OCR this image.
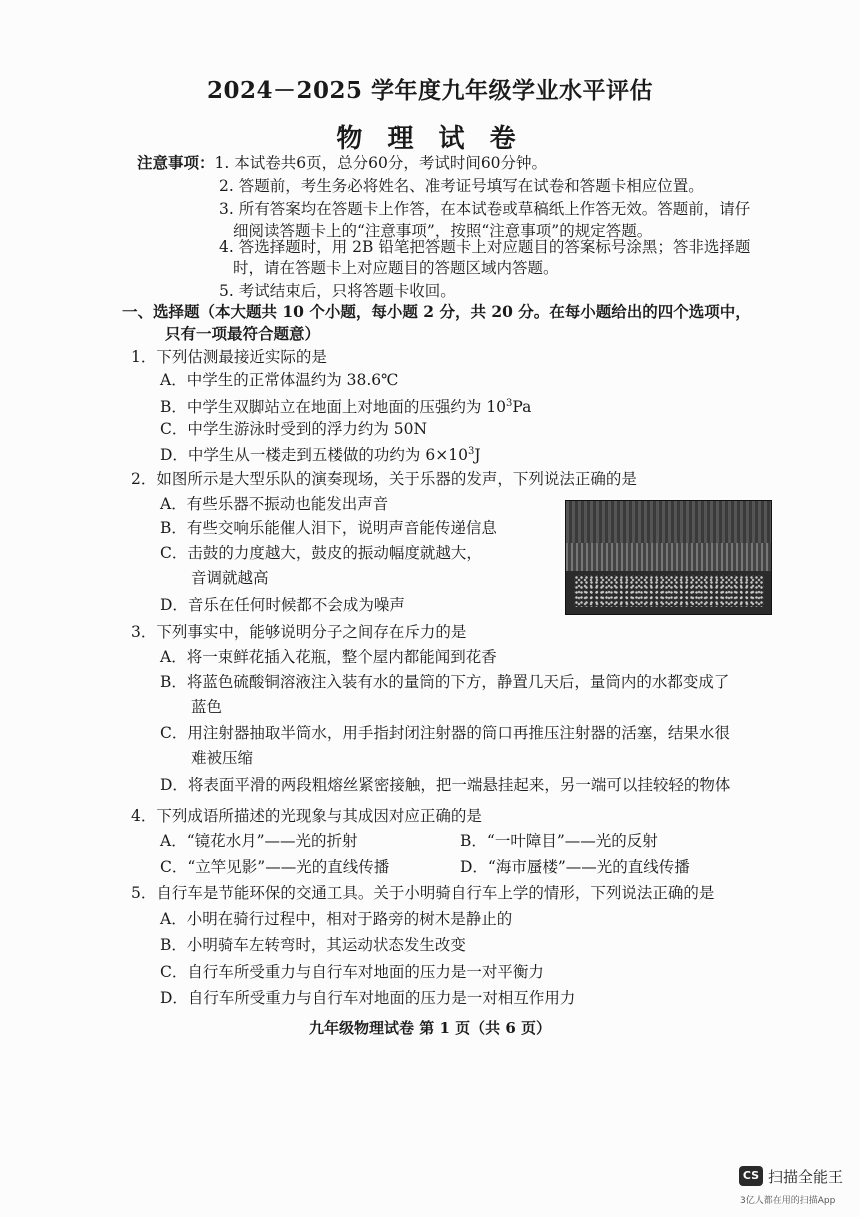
2024－2025 学年度九年级学业水平评估
物 理 试 卷
注意事项：1. 本试卷共6页，总分60分，考试时间60分钟。
2. 答题前，考生务必将姓名、准考证号填写在试卷和答题卡相应位置。
3. 所有答案均在答题卡上作答，在本试卷或草稿纸上作答无效。答题前，请仔
细阅读答题卡上的“注意事项”，按照“注意事项”的规定答题。
4. 答选择题时，用 2B 铅笔把答题卡上对应题目的答案标号涂黑；答非选择题
时，请在答题卡上对应题目的答题区域内答题。
5. 考试结束后，只将答题卡收回。
一、选择题（本大题共 10 个小题，每小题 2 分，共 20 分。在每小题给出的四个选项中，
只有一项最符合题意）
1．下列估测最接近实际的是
A．中学生的正常体温约为 38.6℃
B．中学生双脚站立在地面上对地面的压强约为 $10^3Pa$
C．中学生游泳时受到的浮力约为 50N
D．中学生从一楼走到五楼做的功约为 $6\times 10^3J$
2．如图所示是大型乐队的演奏现场，关于乐器的发声，下列说法正确的是
A．有些乐器不振动也能发出声音
B．有些交响乐能催人泪下，说明声音能传递信息
C．击鼓的力度越大，鼓皮的振动幅度就越大，
音调就越高
D．音乐在任何时候都不会成为噪声
3．下列事实中，能够说明分子之间存在斥力的是
A．将一束鲜花插入花瓶，整个屋内都能闻到花香
B．将蓝色硫酸铜溶液注入装有水的量筒的下方，静置几天后，量筒内的水都变成了
蓝色
C．用注射器抽取半筒水，用手指封闭注射器的筒口再推压注射器的活塞，结果水很
难被压缩
D．将表面平滑的两段粗熔丝紧密接触，把一端悬挂起来，另一端可以挂较轻的物体
4．下列成语所描述的光现象与其成因对应正确的是
A．“镜花水月”——光的折射	B．“一叶障目”——光的反射
C．“立竿见影”——光的直线传播	D．“海市蜃楼”——光的直线传播
5．自行车是节能环保的交通工具。关于小明骑自行车上学的情形，下列说法正确的是
A．小明在骑行过程中，相对于路旁的树木是静止的
B．小明骑车左转弯时，其运动状态发生改变
C．自行车所受重力与自行车对地面的压力是一对平衡力
D．自行车所受重力与自行车对地面的压力是一对相互作用力
九年级物理试卷 第 1 页（共 6 页）
CS 扫描全能王
3亿人都在用的扫描App
